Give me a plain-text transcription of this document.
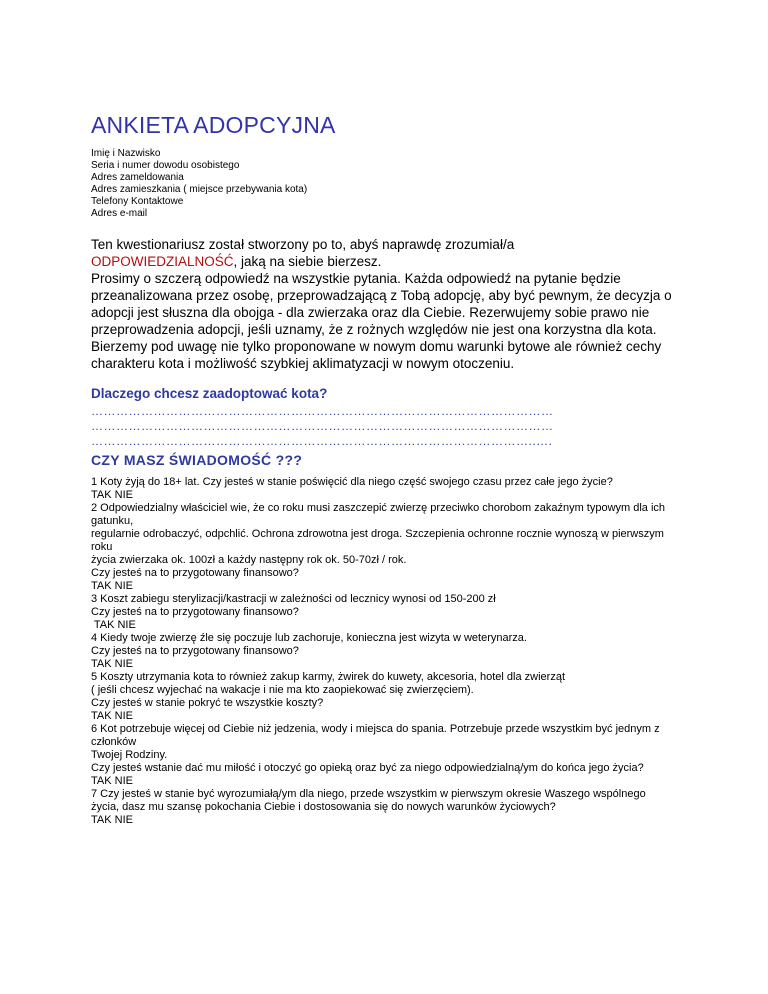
ANKIETA ADOPCYJNA
Imię i Nazwisko
Seria i numer dowodu osobistego
Adres zameldowania
Adres zamieszkania ( miejsce przebywania kota)
Telefony Kontaktowe
Adres e-mail
Ten kwestionariusz został stworzony po to, abyś naprawdę zrozumiał/a
ODPOWIEDZIALNOŚĆ, jaką na siebie bierzesz.
Prosimy o szczerą odpowiedź na wszystkie pytania. Każda odpowiedź na pytanie będzie przeanalizowana przez osobę, przeprowadzającą z Tobą adopcję, aby być pewnym, że decyzja o adopcji jest słuszna dla obojga - dla zwierzaka oraz dla Ciebie. Rezerwujemy sobie prawo nie przeprowadzenia adopcji, jeśli uznamy, że z rożnych względów nie jest ona korzystna dla kota. Bierzemy pod uwagę nie tylko proponowane w nowym domu warunki bytowe ale również cechy charakteru kota i możliwość szybkiej aklimatyzacji w nowym otoczeniu.
Dlaczego chcesz zaadoptować kota?
…………………………………………………………………………………………………
…………………………………………………………………………………………………
……………………………………………………………………………………………..….
CZY MASZ ŚWIADOMOŚĆ ???
1 Koty żyją do 18+ lat. Czy jesteś w stanie poświęcić dla niego część swojego czasu przez całe jego życie?
TAK NIE
2 Odpowiedzialny właściciel wie, że co roku musi zaszczepić zwierzę przeciwko chorobom zakaźnym typowym dla ich gatunku,
regularnie odrobaczyć, odpchlić. Ochrona zdrowotna jest droga. Szczepienia ochronne rocznie wynoszą w pierwszym roku
życia zwierzaka ok. 100zł a każdy następny rok ok. 50-70zł / rok.
Czy jesteś na to przygotowany finansowo?
TAK NIE
3 Koszt zabiegu sterylizacji/kastracji w zależności od lecznicy wynosi od 150-200 zł
Czy jesteś na to przygotowany finansowo?
TAK NIE
4 Kiedy twoje zwierzę źle się poczuje lub zachoruje, konieczna jest wizyta w weterynarza.
Czy jesteś na to przygotowany finansowo?
TAK NIE
5 Koszty utrzymania kota to również zakup karmy, żwirek do kuwety, akcesoria, hotel dla zwierząt
( jeśli chcesz wyjechać na wakacje i nie ma kto zaopiekować się zwierzęciem).
Czy jesteś w stanie pokryć te wszystkie koszty?
TAK NIE
6 Kot potrzebuje więcej od Ciebie niż jedzenia, wody i miejsca do spania. Potrzebuje przede wszystkim być jednym z członków
Twojej Rodziny.
Czy jesteś wstanie dać mu miłość i otoczyć go opieką oraz być za niego odpowiedzialną/ym do końca jego życia?
TAK NIE
7 Czy jesteś w stanie być wyrozumiałą/ym dla niego, przede wszystkim w pierwszym okresie Waszego wspólnego
życia, dasz mu szansę pokochania Ciebie i dostosowania się do nowych warunków życiowych?
TAK NIE
